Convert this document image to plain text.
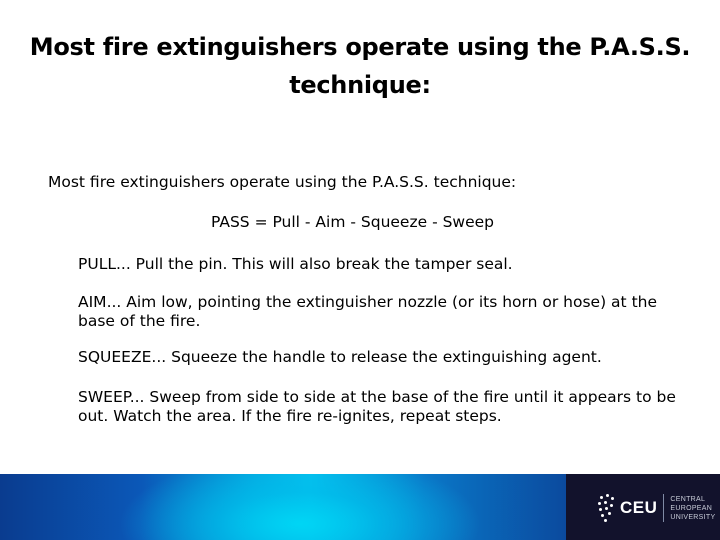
Most fire extinguishers operate using the P.A.S.S. technique:
Most fire extinguishers operate using the P.A.S.S. technique:
PASS = Pull - Aim - Squeeze - Sweep
PULL... Pull the pin. This will also break the tamper seal.
AIM... Aim low, pointing the extinguisher nozzle (or its horn or hose) at the base of the fire.
SQUEEZE... Squeeze the handle to release the extinguishing agent.
SWEEP... Sweep from side to side at the base of the fire until it appears to be out. Watch the area. If the fire re-ignites, repeat steps.
CEU CENTRAL
EUROPEAN
UNIVERSITY
